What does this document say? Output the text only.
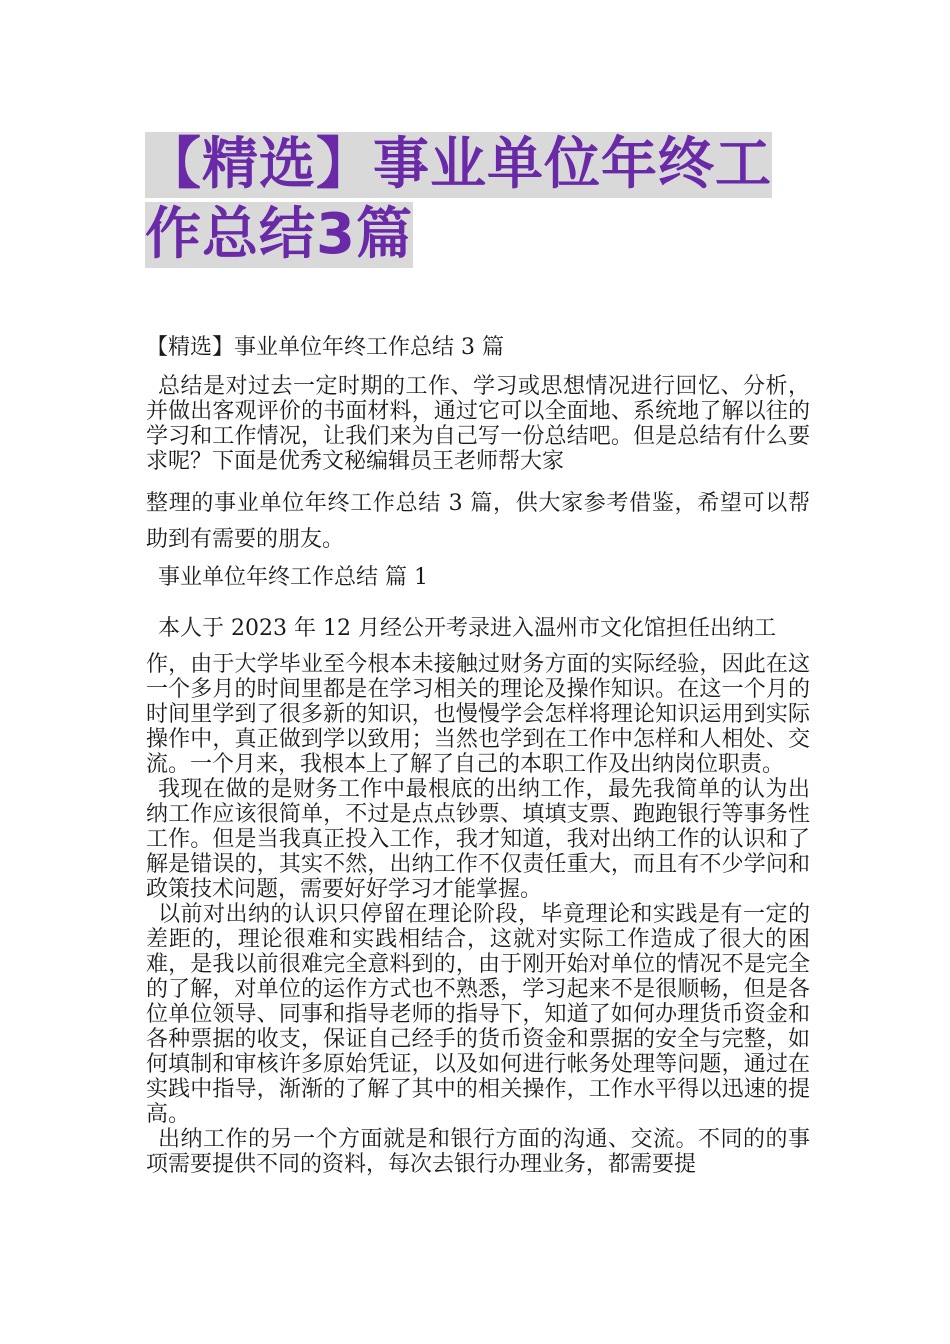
【精选】事业单位年终工
作总结3篇

【精选】事业单位年终工作总结 3 篇

总结是对过去一定时期的工作、学习或思想情况进行回忆、分析，并做出客观评价的书面材料，通过它可以全面地、系统地了解以往的学习和工作情况，让我们来为自己写一份总结吧。但是总结有什么要求呢？下面是优秀文秘编辑员王老师帮大家

整理的事业单位年终工作总结 3 篇，供大家参考借鉴，希望可以帮助到有需要的朋友。

事业单位年终工作总结 篇 1

本人于 2023 年 12 月经公开考录进入温州市文化馆担任出纳工

作，由于大学毕业至今根本未接触过财务方面的实际经验，因此在这一个多月的时间里都是在学习相关的理论及操作知识。在这一个月的时间里学到了很多新的知识，也慢慢学会怎样将理论知识运用到实际操作中，真正做到学以致用；当然也学到在工作中怎样和人相处、交流。一个月来，我根本上了解了自己的本职工作及出纳岗位职责。

我现在做的是财务工作中最根底的出纳工作，最先我简单的认为出纳工作应该很简单，不过是点点钞票、填填支票、跑跑银行等事务性工作。但是当我真正投入工作，我才知道，我对出纳工作的认识和了解是错误的，其实不然，出纳工作不仅责任重大，而且有不少学问和政策技术问题，需要好好学习才能掌握。

以前对出纳的认识只停留在理论阶段，毕竟理论和实践是有一定的差距的，理论很难和实践相结合，这就对实际工作造成了很大的困难，是我以前很难完全意料到的，由于刚开始对单位的情况不是完全的了解，对单位的运作方式也不熟悉，学习起来不是很顺畅，但是各位单位领导、同事和指导老师的指导下，知道了如何办理货币资金和各种票据的收支，保证自己经手的货币资金和票据的安全与完整，如何填制和审核许多原始凭证，以及如何进行帐务处理等问题，通过在实践中指导，渐渐的了解了其中的相关操作，工作水平得以迅速的提高。

出纳工作的另一个方面就是和银行方面的沟通、交流。不同的的事项需要提供不同的资料，每次去银行办理业务，都需要提
